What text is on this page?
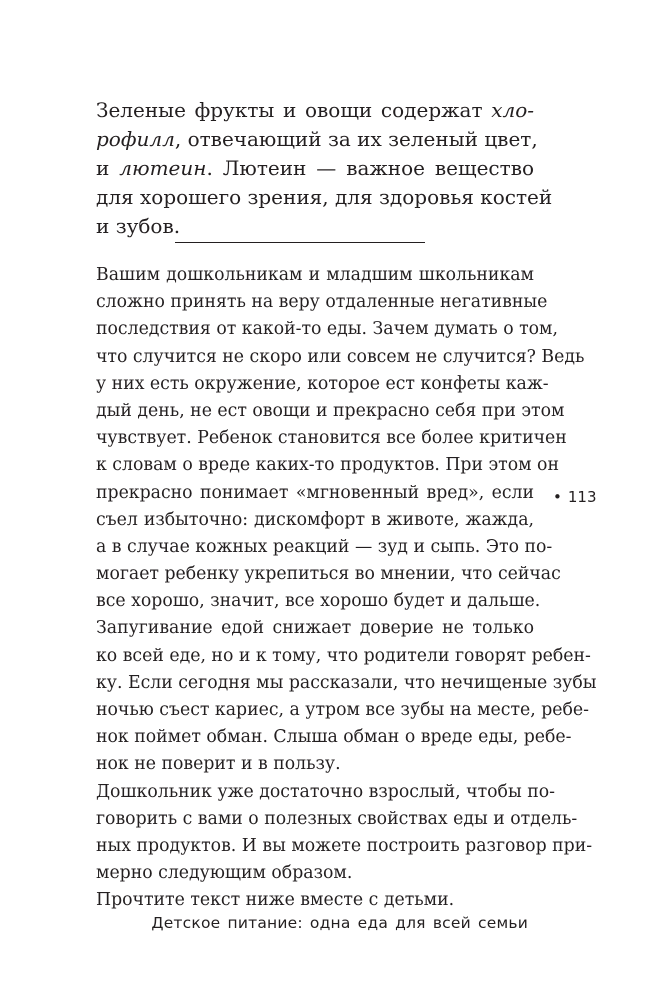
Зеленые фрукты и овощи содержат хло-
рофилл, отвечающий за их зеленый цвет,
и лютеин. Лютеин — важное вещество
для хорошего зрения, для здоровья костей
и зубов.
Вашим дошкольникам и младшим школьникам
сложно принять на веру отдаленные негативные
последствия от какой-то еды. Зачем думать о том,
что случится не скоро или совсем не случится? Ведь
у них есть окружение, которое ест конфеты каж-
дый день, не ест овощи и прекрасно себя при этом
чувствует. Ребенок становится все более критичен
к словам о вреде каких-то продуктов. При этом он
прекрасно понимает «мгновенный вред», если
съел избыточно: дискомфорт в животе, жажда,
а в случае кожных реакций — зуд и сыпь. Это по-
могает ребенку укрепиться во мнении, что сейчас
все хорошо, значит, все хорошо будет и дальше.
Запугивание едой снижает доверие не только
ко всей еде, но и к тому, что родители говорят ребен-
ку. Если сегодня мы рассказали, что нечищеные зубы
ночью съест кариес, а утром все зубы на месте, ребе-
нок поймет обман. Слыша обман о вреде еды, ребе-
нок не поверит и в пользу.
Дошкольник уже достаточно взрослый, чтобы по-
говорить с вами о полезных свойствах еды и отдель-
ных продуктов. И вы можете построить разговор при-
мерно следующим образом.
Прочтите текст ниже вместе с детьми.
• 113
Детское питание: одна еда для всей семьи
